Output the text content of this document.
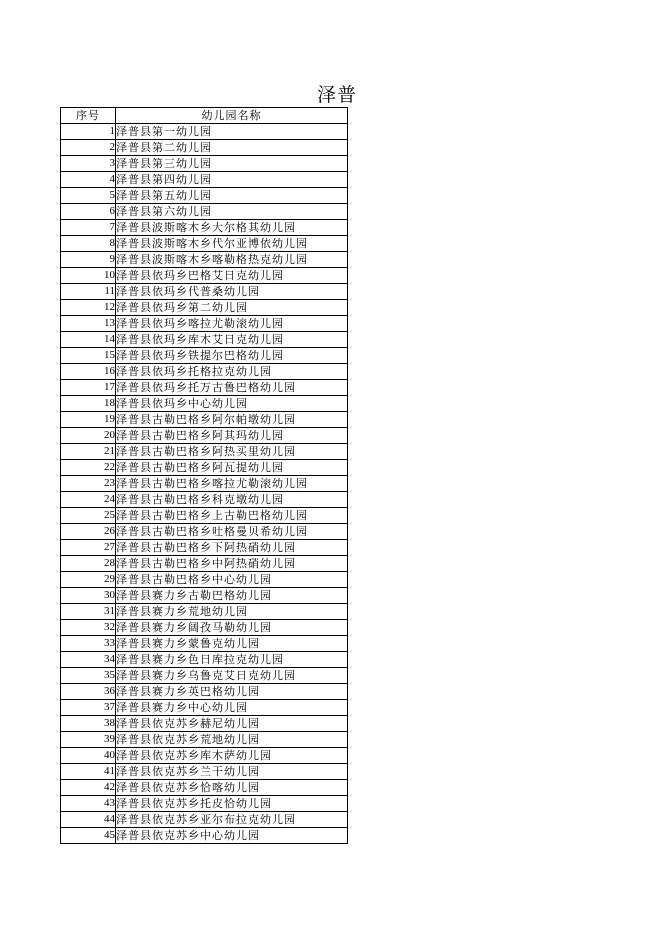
泽普
序号	幼儿园名称
1	泽普县第一幼儿园
2	泽普县第二幼儿园
3	泽普县第三幼儿园
4	泽普县第四幼儿园
5	泽普县第五幼儿园
6	泽普县第六幼儿园
7	泽普县波斯喀木乡大尔格其幼儿园
8	泽普县波斯喀木乡代尔亚博依幼儿园
9	泽普县波斯喀木乡喀勒格热克幼儿园
10	泽普县依玛乡巴格艾日克幼儿园
11	泽普县依玛乡代普桑幼儿园
12	泽普县依玛乡第二幼儿园
13	泽普县依玛乡喀拉尤勒滚幼儿园
14	泽普县依玛乡库木艾日克幼儿园
15	泽普县依玛乡铁提尔巴格幼儿园
16	泽普县依玛乡托格拉克幼儿园
17	泽普县依玛乡托万古鲁巴格幼儿园
18	泽普县依玛乡中心幼儿园
19	泽普县古勒巴格乡阿尔帕墩幼儿园
20	泽普县古勒巴格乡阿其玛幼儿园
21	泽普县古勒巴格乡阿热买里幼儿园
22	泽普县古勒巴格乡阿瓦提幼儿园
23	泽普县古勒巴格乡喀拉尤勒滚幼儿园
24	泽普县古勒巴格乡科克墩幼儿园
25	泽普县古勒巴格乡上古勒巴格幼儿园
26	泽普县古勒巴格乡吐格曼贝希幼儿园
27	泽普县古勒巴格乡下阿热硝幼儿园
28	泽普县古勒巴格乡中阿热硝幼儿园
29	泽普县古勒巴格乡中心幼儿园
30	泽普县赛力乡古勒巴格幼儿园
31	泽普县赛力乡荒地幼儿园
32	泽普县赛力乡阔孜马勒幼儿园
33	泽普县赛力乡蒙鲁克幼儿园
34	泽普县赛力乡色日库拉克幼儿园
35	泽普县赛力乡乌鲁克艾日克幼儿园
36	泽普县赛力乡英巴格幼儿园
37	泽普县赛力乡中心幼儿园
38	泽普县依克苏乡赫尼幼儿园
39	泽普县依克苏乡荒地幼儿园
40	泽普县依克苏乡库木萨幼儿园
41	泽普县依克苏乡兰干幼儿园
42	泽普县依克苏乡恰喀幼儿园
43	泽普县依克苏乡托皮恰幼儿园
44	泽普县依克苏乡亚尔布拉克幼儿园
45	泽普县依克苏乡中心幼儿园
